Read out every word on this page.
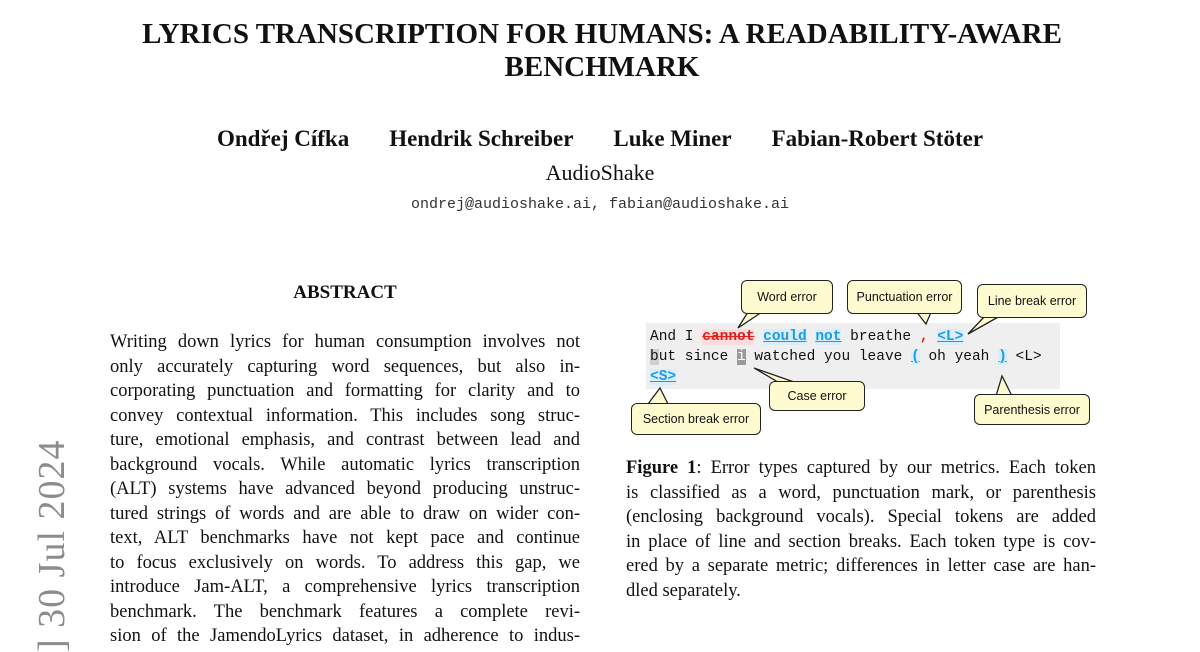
LYRICS TRANSCRIPTION FOR HUMANS: A READABILITY-AWARE
BENCHMARK
Ondřej Cífka Hendrik Schreiber Luke Miner Fabian-Robert Stöter
AudioShake
ondrej@audioshake.ai, fabian@audioshake.ai
] 30 Jul 2024
ABSTRACT
Writing down lyrics for human consumption involves not
only accurately capturing word sequences, but also in-
corporating punctuation and formatting for clarity and to
convey contextual information. This includes song struc-
ture, emotional emphasis, and contrast between lead and
background vocals. While automatic lyrics transcription
(ALT) systems have advanced beyond producing unstruc-
tured strings of words and are able to draw on wider con-
text, ALT benchmarks have not kept pace and continue
to focus exclusively on words. To address this gap, we
introduce Jam-ALT, a comprehensive lyrics transcription
benchmark. The benchmark features a complete revi-
sion of the JamendoLyrics dataset, in adherence to indus-
And I cannot could not breathe , <L>
but since i watched you leave ( oh yeah ) <L>
<S>
Word error	Punctuation error	Line break error
Case error
Section break error
Parenthesis error
Figure 1: Error types captured by our metrics. Each token
is classified as a word, punctuation mark, or parenthesis
(enclosing background vocals). Special tokens are added
in place of line and section breaks. Each token type is cov-
ered by a separate metric; differences in letter case are han-
dled separately.
